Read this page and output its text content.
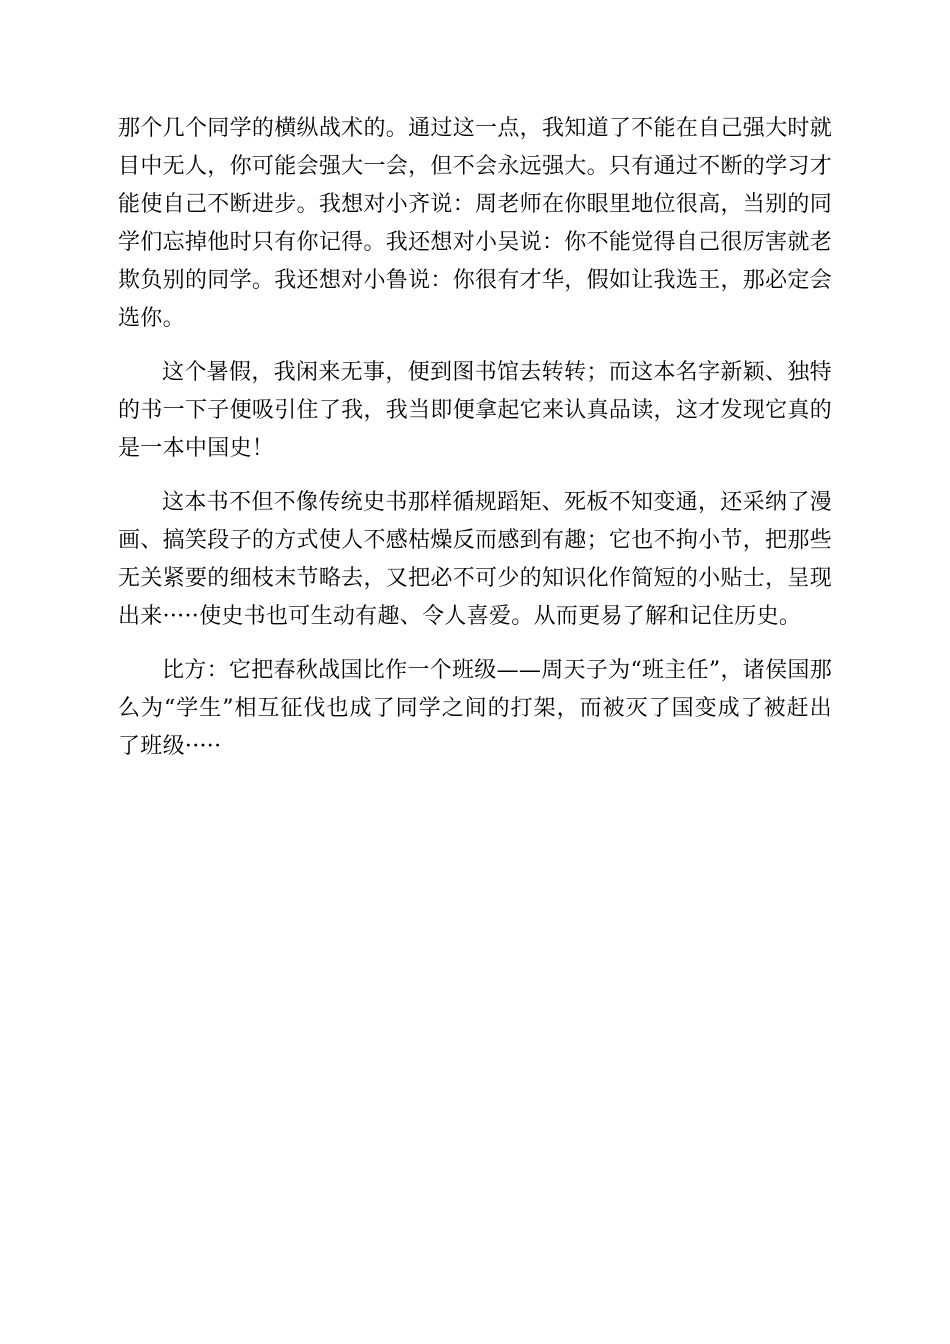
那个几个同学的横纵战术的。通过这一点，我知道了不能在自己强大时就目中无人，你可能会强大一会，但不会永远强大。只有通过不断的学习才能使自己不断进步。我想对小齐说：周老师在你眼里地位很高，当别的同学们忘掉他时只有你记得。我还想对小吴说：你不能觉得自己很厉害就老欺负别的同学。我还想对小鲁说：你很有才华，假如让我选王，那必定会选你。

这个暑假，我闲来无事，便到图书馆去转转；而这本名字新颖、独特的书一下子便吸引住了我，我当即便拿起它来认真品读，这才发现它真的是一本中国史！

这本书不但不像传统史书那样循规蹈矩、死板不知变通，还采纳了漫画、搞笑段子的方式使人不感枯燥反而感到有趣；它也不拘小节，把那些无关紧要的细枝末节略去，又把必不可少的知识化作简短的小贴士，呈现出来·····使史书也可生动有趣、令人喜爱。从而更易了解和记住历史。

比方：它把春秋战国比作一个班级——周天子为“班主任”，诸侯国那么为“学生”相互征伐也成了同学之间的打架，而被灭了国变成了被赶出了班级·····
